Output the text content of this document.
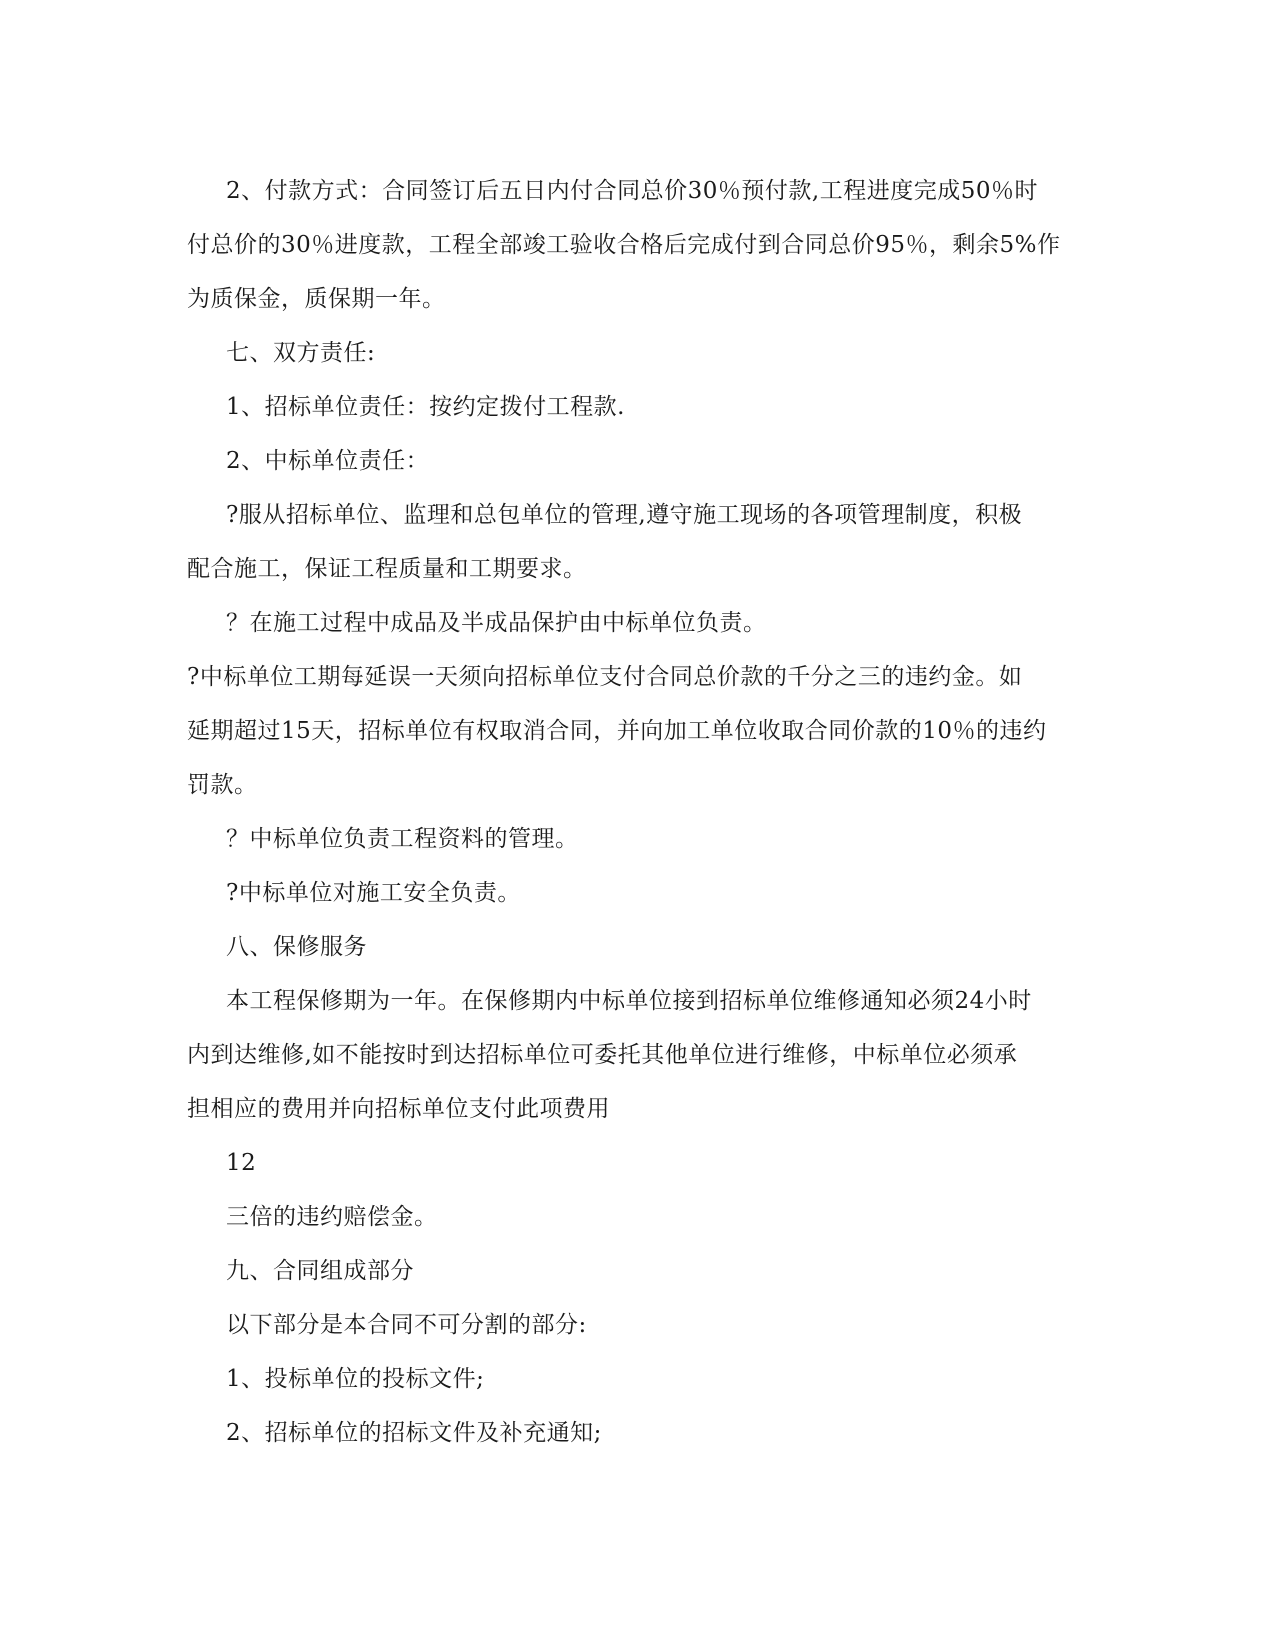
2、付款方式：合同签订后五日内付合同总价30％预付款,工程进度完成50％时
付总价的30％进度款，工程全部竣工验收合格后完成付到合同总价95％，剩余5%作
为质保金，质保期一年。
七、双方责任:
1、招标单位责任：按约定拨付工程款.
2、中标单位责任：
?服从招标单位、监理和总包单位的管理,遵守施工现场的各项管理制度，积极
配合施工，保证工程质量和工期要求。
？在施工过程中成品及半成品保护由中标单位负责。
?中标单位工期每延误一天须向招标单位支付合同总价款的千分之三的违约金。如
延期超过15天，招标单位有权取消合同，并向加工单位收取合同价款的10％的违约
罚款。
？中标单位负责工程资料的管理。
?中标单位对施工安全负责。
八、保修服务
本工程保修期为一年。在保修期内中标单位接到招标单位维修通知必须24小时
内到达维修,如不能按时到达招标单位可委托其他单位进行维修，中标单位必须承
担相应的费用并向招标单位支付此项费用
12
三倍的违约赔偿金。
九、合同组成部分
以下部分是本合同不可分割的部分:
1、投标单位的投标文件;
2、招标单位的招标文件及补充通知;
